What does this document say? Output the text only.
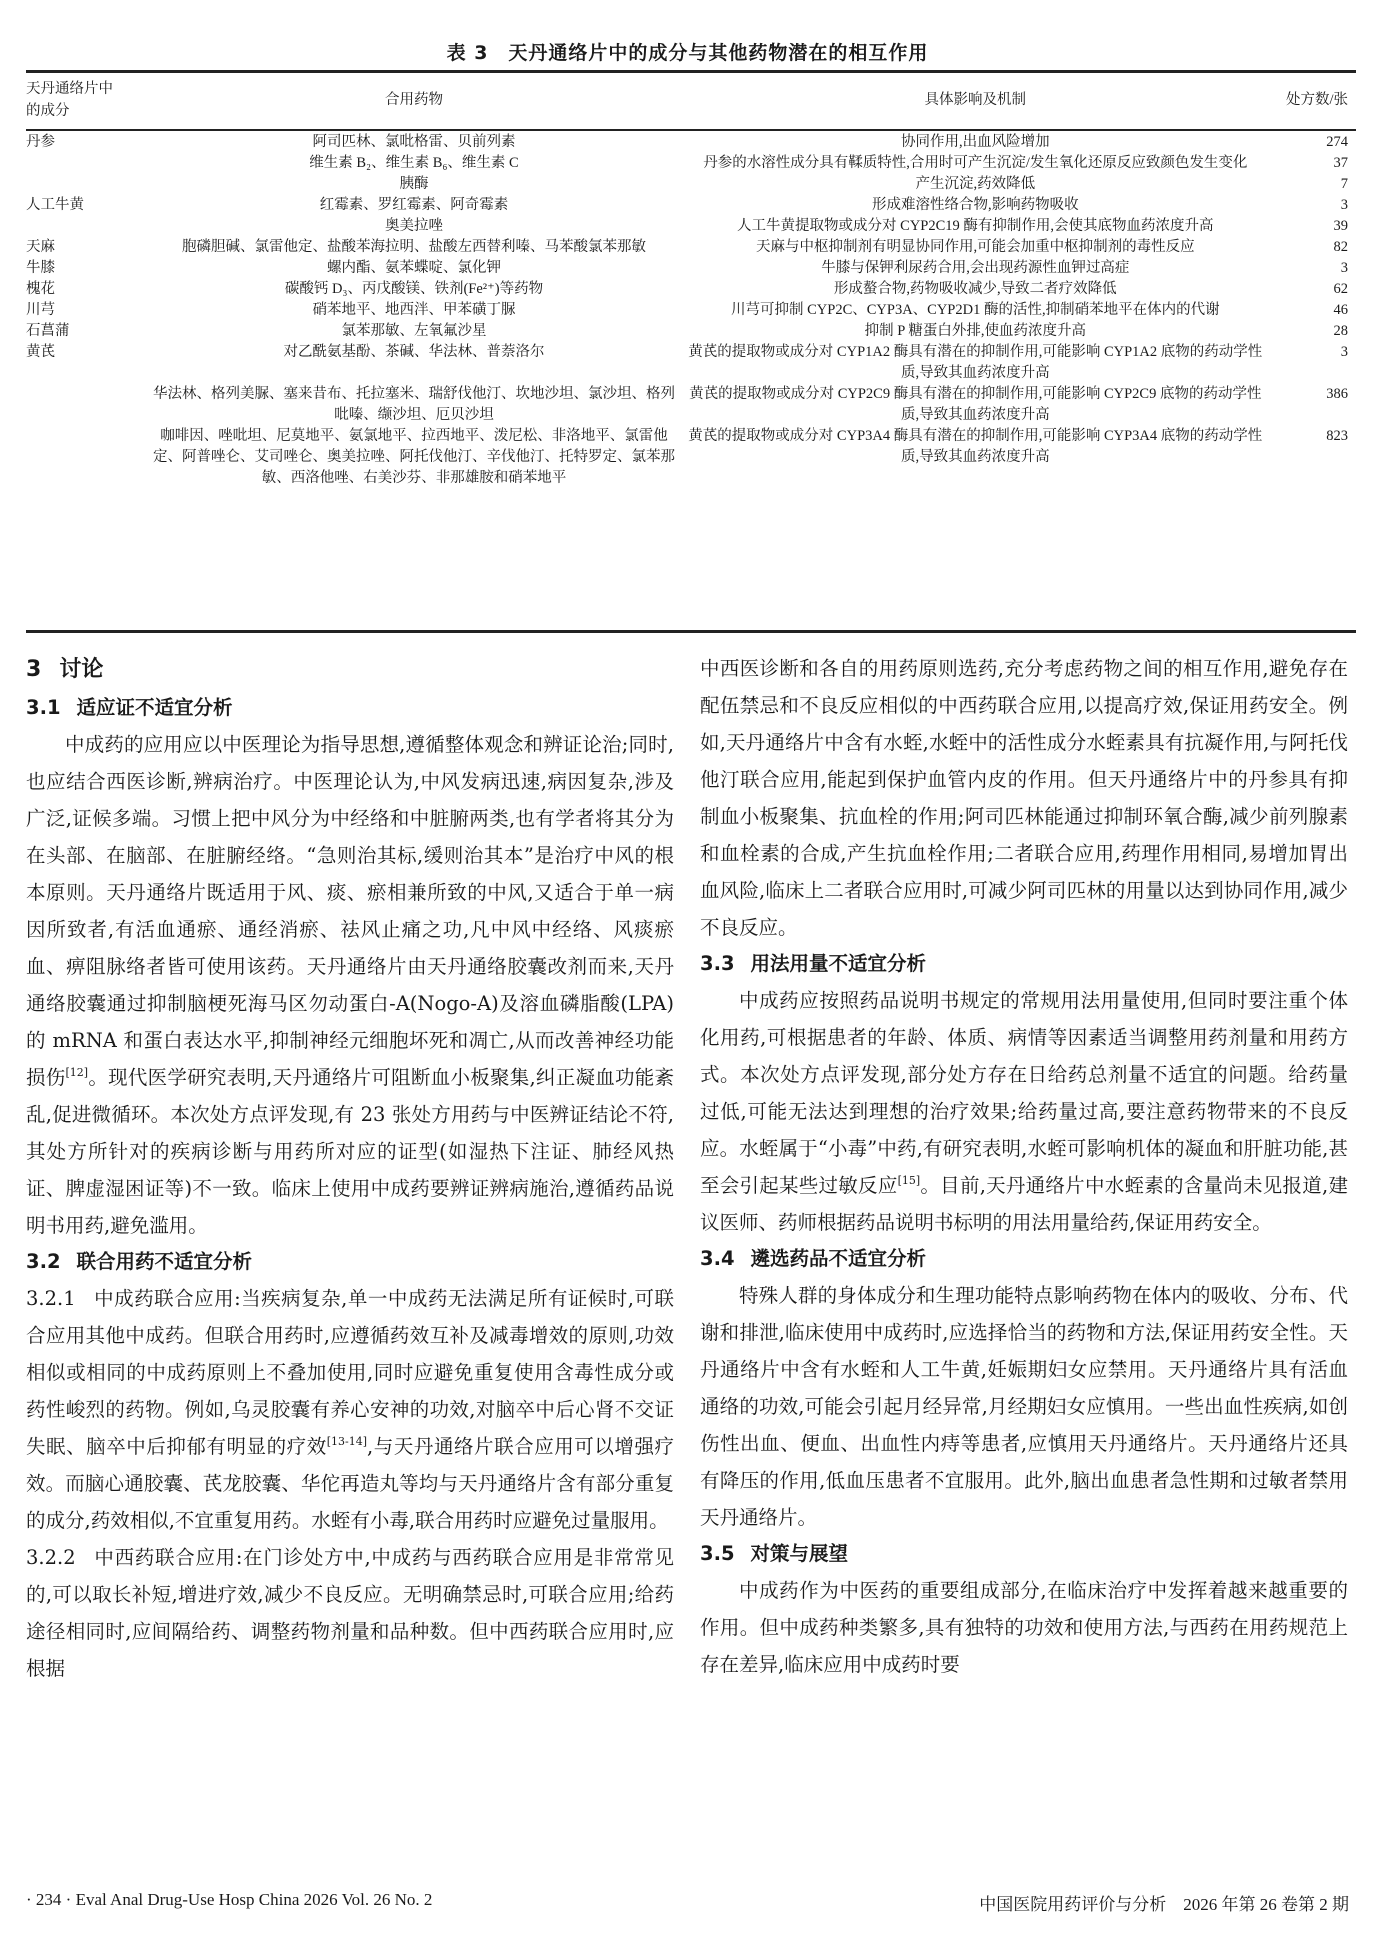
表 3　天丹通络片中的成分与其他药物潜在的相互作用
天丹通络片中的成分	合用药物	具体影响及机制	处方数/张
丹参	阿司匹林、氯吡格雷、贝前列素	协同作用,出血风险增加	274
	维生素 B₂、维生素 B₆、维生素 C	丹参的水溶性成分具有鞣质特性,合用时可产生沉淀/发生氧化还原反应致颜色发生变化	37
	胰酶	产生沉淀,药效降低	7
人工牛黄	红霉素、罗红霉素、阿奇霉素	形成难溶性络合物,影响药物吸收	3
	奥美拉唑	人工牛黄提取物或成分对 CYP2C19 酶有抑制作用,会使其底物血药浓度升高	39
天麻	胞磷胆碱、氯雷他定、盐酸苯海拉明、盐酸左西替利嗪、马苯酸氯苯那敏	天麻与中枢抑制剂有明显协同作用,可能会加重中枢抑制剂的毒性反应	82
牛膝	螺内酯、氨苯蝶啶、氯化钾	牛膝与保钾利尿药合用,会出现药源性血钾过高症	3
槐花	碳酸钙 D₃、丙戊酸镁、铁剂(Fe²⁺)等药物	形成螯合物,药物吸收减少,导致二者疗效降低	62
川芎	硝苯地平、地西泮、甲苯磺丁脲	川芎可抑制 CYP2C、CYP3A、CYP2D1 酶的活性,抑制硝苯地平在体内的代谢	46
石菖蒲	氯苯那敏、左氧氟沙星	抑制 P 糖蛋白外排,使血药浓度升高	28
黄芪	对乙酰氨基酚、茶碱、华法林、普萘洛尔	黄芪的提取物或成分对 CYP1A2 酶具有潜在的抑制作用,可能影响 CYP1A2 底物的药动学性质,导致其血药浓度升高	3
	华法林、格列美脲、塞来昔布、托拉塞米、瑞舒伐他汀、坎地沙坦、氯沙坦、格列吡嗪、缬沙坦、厄贝沙坦	黄芪的提取物或成分对 CYP2C9 酶具有潜在的抑制作用,可能影响 CYP2C9 底物的药动学性质,导致其血药浓度升高	386
	咖啡因、唑吡坦、尼莫地平、氨氯地平、拉西地平、泼尼松、非洛地平、氯雷他定、阿普唑仑、艾司唑仑、奥美拉唑、阿托伐他汀、辛伐他汀、托特罗定、氯苯那敏、西洛他唑、右美沙芬、非那雄胺和硝苯地平	黄芪的提取物或成分对 CYP3A4 酶具有潜在的抑制作用,可能影响 CYP3A4 底物的药动学性质,导致其血药浓度升高	823
3 讨论
3.1 适应证不适宜分析

中成药的应用应以中医理论为指导思想,遵循整体观念和辨证论治;同时,也应结合西医诊断,辨病治疗。中医理论认为,中风发病迅速,病因复杂,涉及广泛,证候多端。习惯上把中风分为中经络和中脏腑两类,也有学者将其分为在头部、在脑部、在脏腑经络。“急则治其标,缓则治其本”是治疗中风的根本原则。天丹通络片既适用于风、痰、瘀相兼所致的中风,又适合于单一病因所致者,有活血通瘀、通经消瘀、祛风止痛之功,凡中风中经络、风痰瘀血、痹阻脉络者皆可使用该药。天丹通络片由天丹通络胶囊改剂而来,天丹通络胶囊通过抑制脑梗死海马区勿动蛋白-A(Nogo-A)及溶血磷脂酸(LPA)的 mRNA 和蛋白表达水平,抑制神经元细胞坏死和凋亡,从而改善神经功能损伤[12]。现代医学研究表明,天丹通络片可阻断血小板聚集,纠正凝血功能紊乱,促进微循环。本次处方点评发现,有 23 张处方用药与中医辨证结论不符,其处方所针对的疾病诊断与用药所对应的证型(如湿热下注证、肺经风热证、脾虚湿困证等)不一致。临床上使用中成药要辨证辨病施治,遵循药品说明书用药,避免滥用。

3.2 联合用药不适宜分析

3.2.1 中成药联合应用:当疾病复杂,单一中成药无法满足所有证候时,可联合应用其他中成药。但联合用药时,应遵循药效互补及减毒增效的原则,功效相似或相同的中成药原则上不叠加使用,同时应避免重复使用含毒性成分或药性峻烈的药物。例如,乌灵胶囊有养心安神的功效,对脑卒中后心肾不交证失眠、脑卒中后抑郁有明显的疗效[13-14],与天丹通络片联合应用可以增强疗效。而脑心通胶囊、芪龙胶囊、华佗再造丸等均与天丹通络片含有部分重复的成分,药效相似,不宜重复用药。水蛭有小毒,联合用药时应避免过量服用。

3.2.2 中西药联合应用:在门诊处方中,中成药与西药联合应用是非常常见的,可以取长补短,增进疗效,减少不良反应。无明确禁忌时,可联合应用;给药途径相同时,应间隔给药、调整药物剂量和品种数。但中西药联合应用时,应根据

中西医诊断和各自的用药原则选药,充分考虑药物之间的相互作用,避免存在配伍禁忌和不良反应相似的中西药联合应用,以提高疗效,保证用药安全。例如,天丹通络片中含有水蛭,水蛭中的活性成分水蛭素具有抗凝作用,与阿托伐他汀联合应用,能起到保护血管内皮的作用。但天丹通络片中的丹参具有抑制血小板聚集、抗血栓的作用;阿司匹林能通过抑制环氧合酶,减少前列腺素和血栓素的合成,产生抗血栓作用;二者联合应用,药理作用相同,易增加胃出血风险,临床上二者联合应用时,可减少阿司匹林的用量以达到协同作用,减少不良反应。

3.3 用法用量不适宜分析

中成药应按照药品说明书规定的常规用法用量使用,但同时要注重个体化用药,可根据患者的年龄、体质、病情等因素适当调整用药剂量和用药方式。本次处方点评发现,部分处方存在日给药总剂量不适宜的问题。给药量过低,可能无法达到理想的治疗效果;给药量过高,要注意药物带来的不良反应。水蛭属于“小毒”中药,有研究表明,水蛭可影响机体的凝血和肝脏功能,甚至会引起某些过敏反应[15]。目前,天丹通络片中水蛭素的含量尚未见报道,建议医师、药师根据药品说明书标明的用法用量给药,保证用药安全。

3.4 遴选药品不适宜分析

特殊人群的身体成分和生理功能特点影响药物在体内的吸收、分布、代谢和排泄,临床使用中成药时,应选择恰当的药物和方法,保证用药安全性。天丹通络片中含有水蛭和人工牛黄,妊娠期妇女应禁用。天丹通络片具有活血通络的功效,可能会引起月经异常,月经期妇女应慎用。一些出血性疾病,如创伤性出血、便血、出血性内痔等患者,应慎用天丹通络片。天丹通络片还具有降压的作用,低血压患者不宜服用。此外,脑出血患者急性期和过敏者禁用天丹通络片。

3.5 对策与展望

中成药作为中医药的重要组成部分,在临床治疗中发挥着越来越重要的作用。但中成药种类繁多,具有独特的功效和使用方法,与西药在用药规范上存在差异,临床应用中成药时要

· 234 · Eval Anal Drug-Use Hosp China 2026 Vol. 26 No. 2	中国医院用药评价与分析　2026 年第 26 卷第 2 期
